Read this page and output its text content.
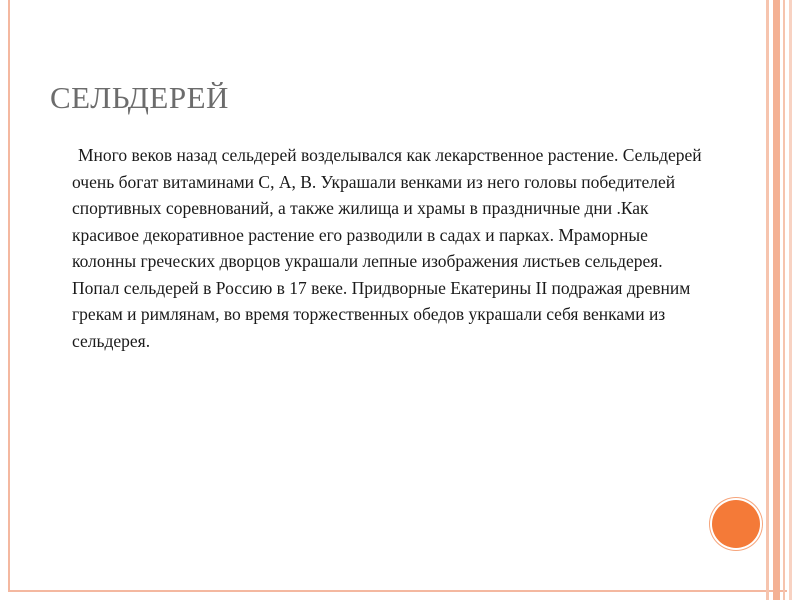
СЕЛЬДЕРЕЙ

Много веков назад сельдерей возделывался как лекарственное растение. Сельдерей очень богат витаминами С, А, В. Украшали венками из него головы победителей спортивных соревнований, а также жилища и храмы в праздничные дни .Как красивое декоративное растение его разводили в садах и парках. Мраморные колонны греческих дворцов украшали лепные изображения листьев сельдерея. Попал сельдерей в Россию в 17 веке. Придворные Екатерины II подражая древним грекам и римлянам, во время торжественных обедов украшали себя венками из сельдерея.
